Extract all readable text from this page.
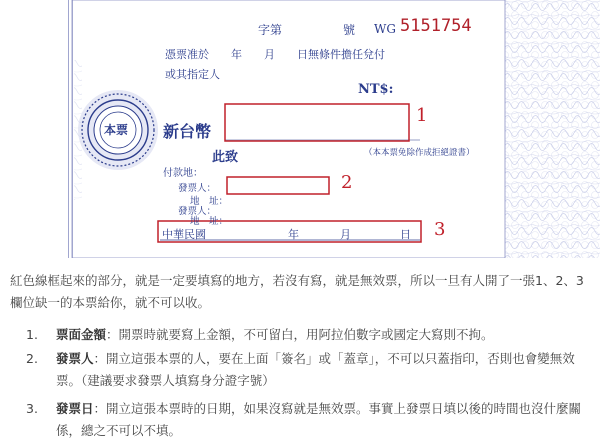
字第	號 WG 5151754
憑票准於　　年　　月　　日無條件擔任兌付
或其指定人
NT$:
本票 新台幣
（本本票免除作成拒絕證書）
此致
付款地：
發票人：
地　址：
發票人：
地　址：
中華民國	年	月	日
1
2
3
紅色線框起來的部分，就是一定要填寫的地方，若沒有寫，就是無效票，所以一旦有人開了一張1、2、3欄位缺一的本票給你，就不可以收。
1. 票面金額：開票時就要寫上金額，不可留白，用阿拉伯數字或國定大寫則不拘。
2. 發票人：開立這張本票的人，要在上面「簽名」或「蓋章」，不可以只蓋指印，否則也會變無效票。（建議要求發票人填寫身分證字號）
3. 發票日：開立這張本票時的日期，如果沒寫就是無效票。事實上發票日填以後的時間也沒什麼關係，總之不可以不填。
